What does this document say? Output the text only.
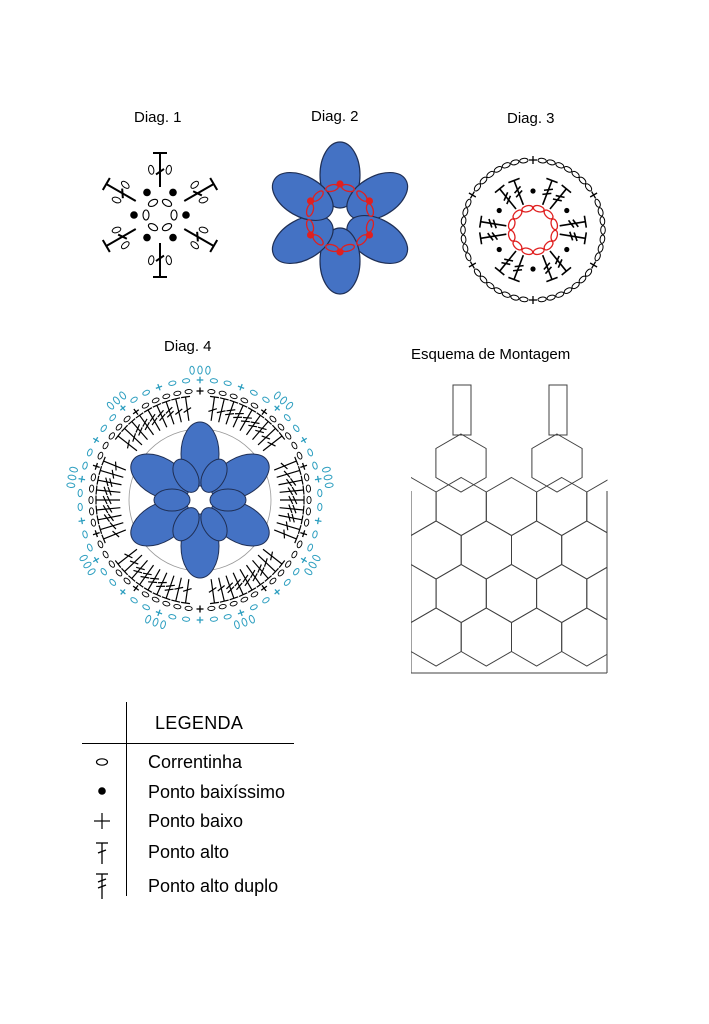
Diag. 1	Diag. 2	Diag. 3
Diag. 4	Esquema de Montagem
LEGENDA
Correntinha
Ponto baixíssimo
Ponto baixo
Ponto alto
Ponto alto duplo
